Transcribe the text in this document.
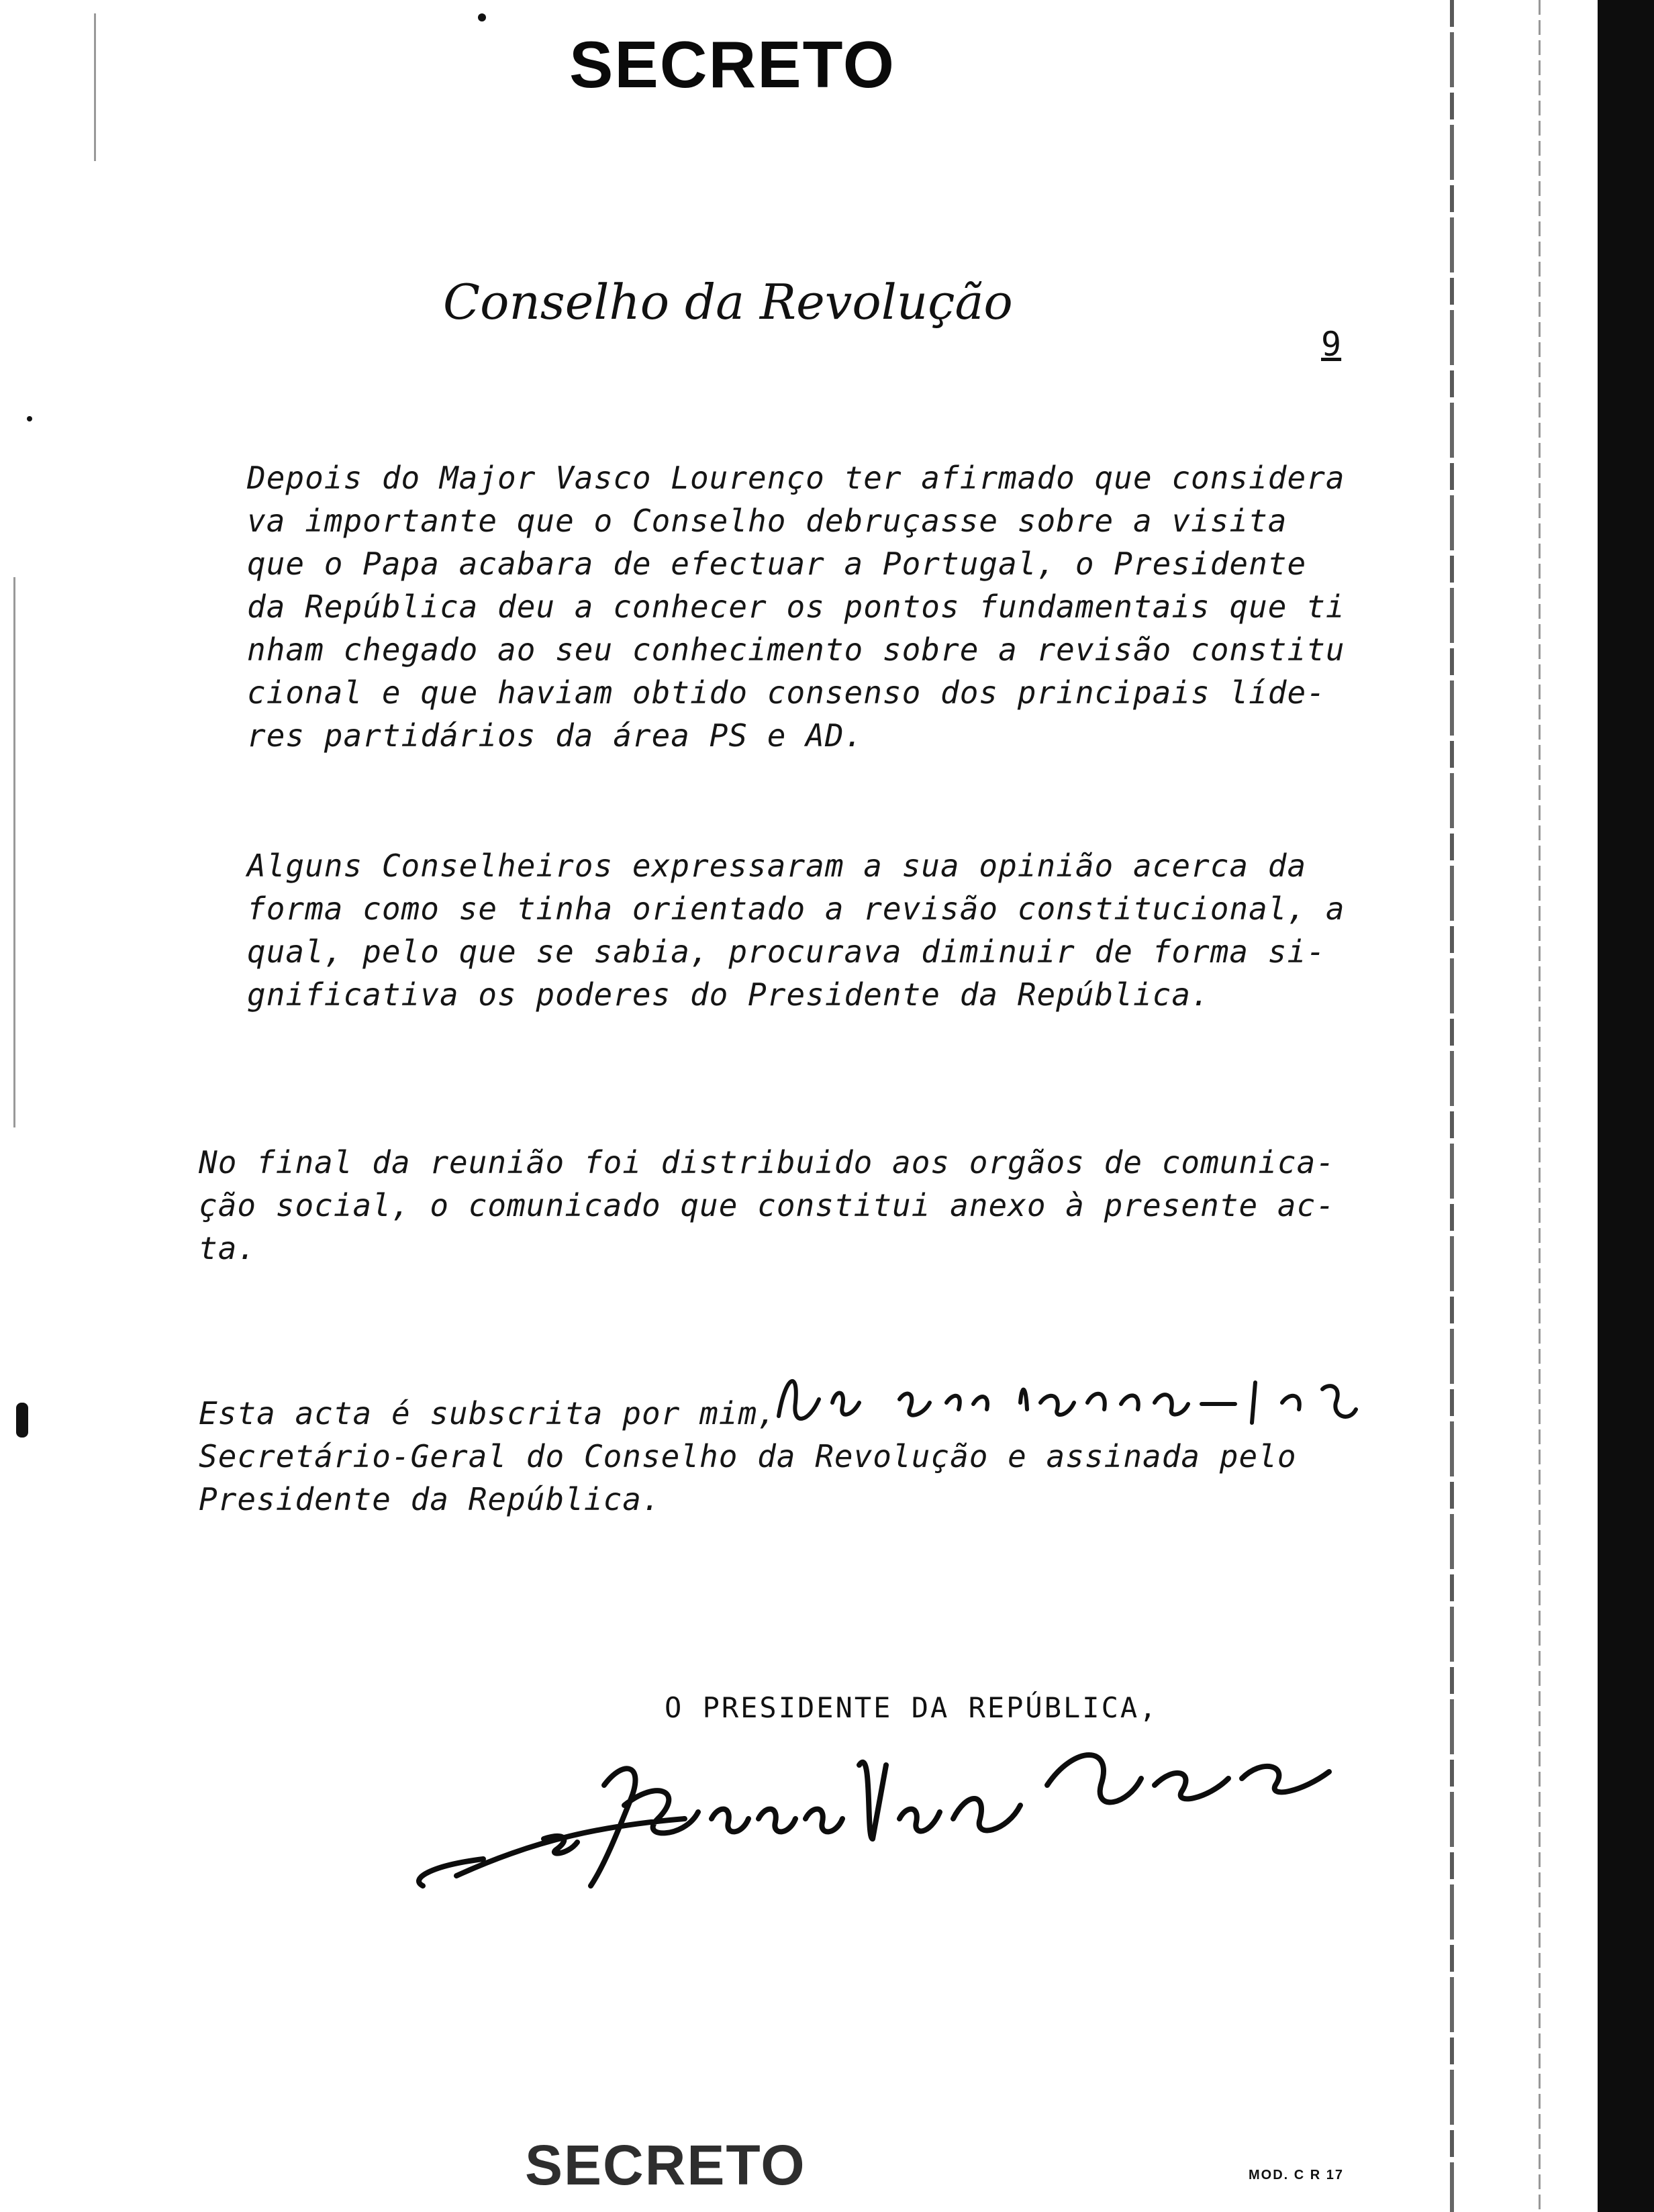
SECRETO
Conselho da Revolução
9
Depois do Major Vasco Lourenço ter afirmado que considera
va importante que o Conselho debruçasse sobre a visita
que o Papa acabara de efectuar a Portugal, o Presidente
da República deu a conhecer os pontos fundamentais que ti
nham chegado ao seu conhecimento sobre a revisão constitu
cional e que haviam obtido consenso dos principais líde-
res partidários da área PS e AD.
Alguns Conselheiros expressaram a sua opinião acerca da
forma como se tinha orientado a revisão constitucional, a
qual, pelo que se sabia, procurava diminuir de forma si-
gnificativa os poderes do Presidente da República.
No final da reunião foi distribuido aos orgãos de comunica-
ção social, o comunicado que constitui anexo à presente ac-
ta.
Esta acta é subscrita por mim,
Secretário-Geral do Conselho da Revolução e assinada pelo
Presidente da República.
O PRESIDENTE DA REPÚBLICA,
SECRETO	MOD. C R 17
